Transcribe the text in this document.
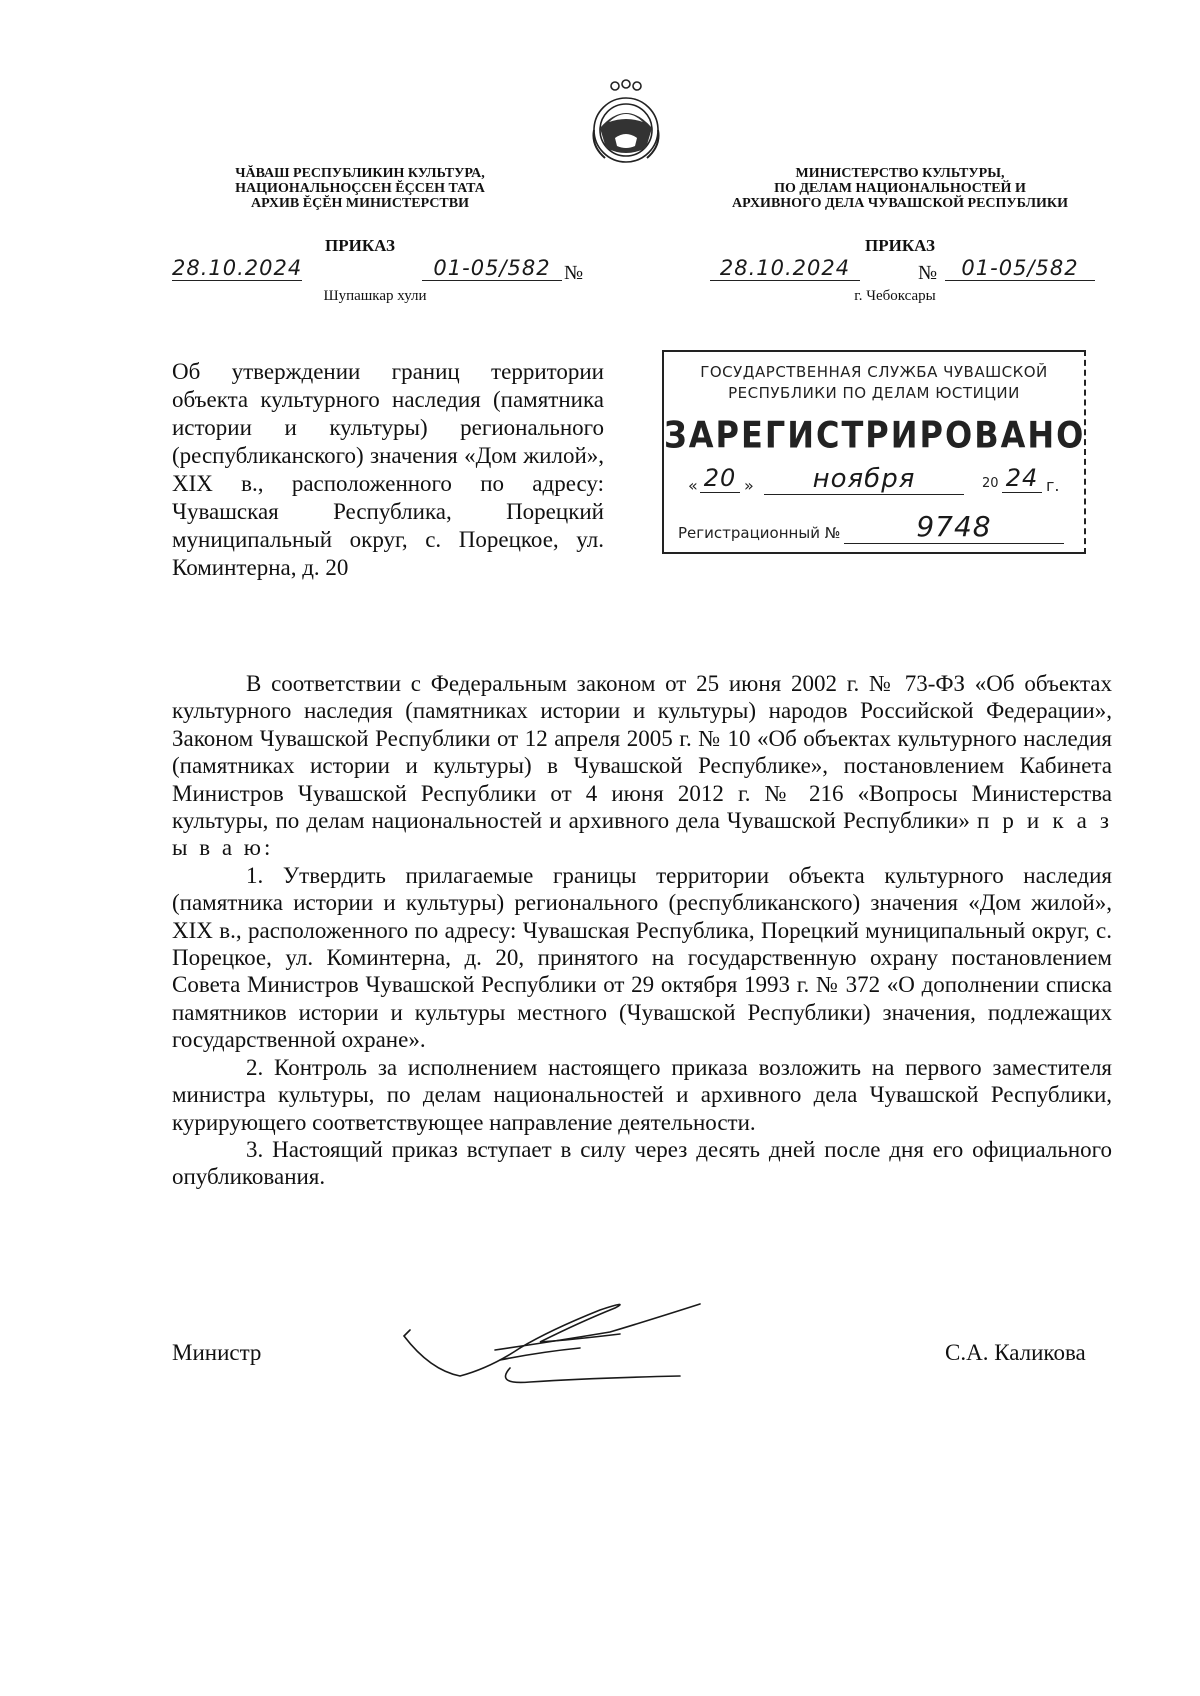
ЧĂВАШ РЕСПУБЛИКИН КУЛЬТУРА,
НАЦИОНАЛЬНОÇСЕН ĔÇСЕН ТАТА
АРХИВ ĔÇĔН МИНИСТЕРСТВИ
ПРИКАЗ
28.10.2024	01-05/582 №
Шупашкар хули
МИНИСТЕРСТВО КУЛЬТУРЫ,
ПО ДЕЛАМ НАЦИОНАЛЬНОСТЕЙ И
АРХИВНОГО ДЕЛА ЧУВАШСКОЙ РЕСПУБЛИКИ
ПРИКАЗ
28.10.2024	№	01-05/582
г. Чебоксары
Об утверждении границ территории объекта культурного наследия (памятника истории и культуры) регионального (республиканского) значения «Дом жилой», XIX в., расположенного по адресу: Чувашская Республика, Порецкий муниципальный округ, с. Порецкое, ул. Коминтерна, д. 20
ГОСУДАРСТВЕННАЯ СЛУЖБА ЧУВАШСКОЙ
РЕСПУБЛИКИ ПО ДЕЛАМ ЮСТИЦИИ
ЗАРЕГИСТРИРОВАНО
« 20 »	ноября	20 24 г.
Регистрационный №	9748

В соответствии с Федеральным законом от 25 июня 2002 г. № 73-ФЗ «Об объектах культурного наследия (памятниках истории и культуры) народов Российской Федерации», Законом Чувашской Республики от 12 апреля 2005 г. № 10 «Об объектах культурного наследия (памятниках истории и культуры) в Чувашской Республике», постановлением Кабинета Министров Чувашской Республики от 4 июня 2012 г. № 216 «Вопросы Министерства культуры, по делам национальностей и архивного дела Чувашской Республики» п р и к а з ы в а ю:

1. Утвердить прилагаемые границы территории объекта культурного наследия (памятника истории и культуры) регионального (республиканского) значения «Дом жилой», XIX в., расположенного по адресу: Чувашская Республика, Порецкий муниципальный округ, с. Порецкое, ул. Коминтерна, д. 20, принятого на государственную охрану постановлением Совета Министров Чувашской Республики от 29 октября 1993 г. № 372 «О дополнении списка памятников истории и культуры местного (Чувашской Республики) значения, подлежащих государственной охране».

2. Контроль за исполнением настоящего приказа возложить на первого заместителя министра культуры, по делам национальностей и архивного дела Чувашской Республики, курирующего соответствующее направление деятельности.

3. Настоящий приказ вступает в силу через десять дней после дня его официального опубликования.

Министр	С.А. Каликова
